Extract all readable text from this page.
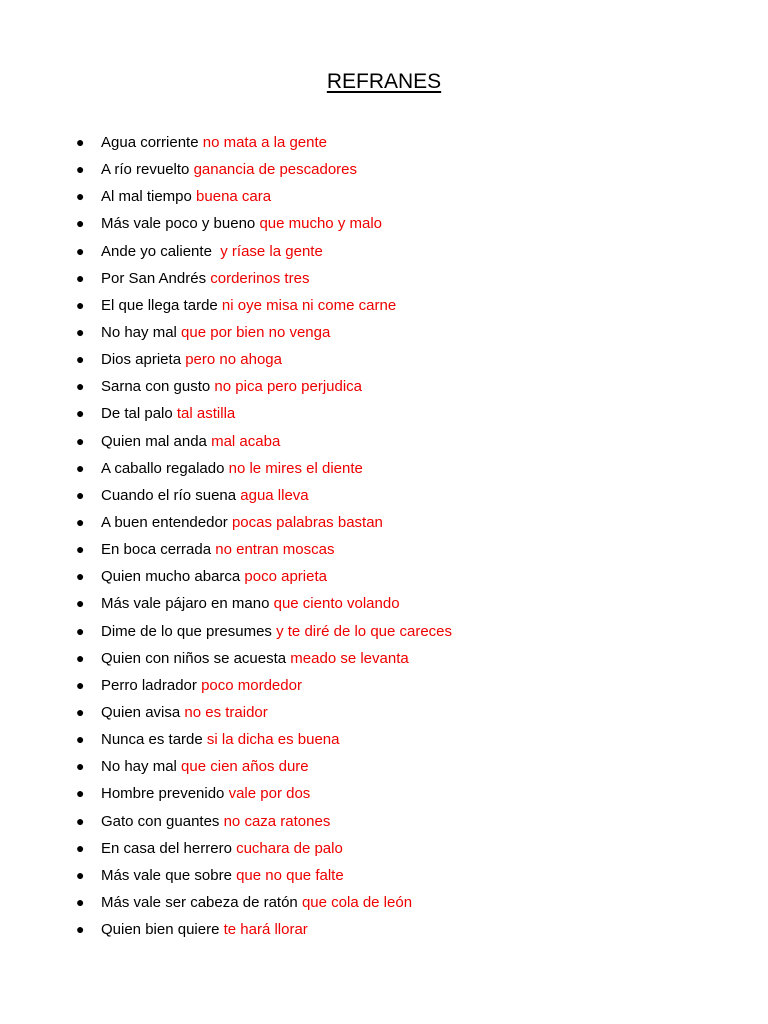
REFRANES
● Agua corriente no mata a la gente
● A río revuelto ganancia de pescadores
● Al mal tiempo buena cara
● Más vale poco y bueno que mucho y malo
● Ande yo caliente  y ríase la gente
● Por San Andrés corderinos tres
● El que llega tarde ni oye misa ni come carne
● No hay mal que por bien no venga
● Dios aprieta pero no ahoga
● Sarna con gusto no pica pero perjudica
● De tal palo tal astilla
● Quien mal anda mal acaba
● A caballo regalado no le mires el diente
● Cuando el río suena agua lleva
● A buen entendedor pocas palabras bastan
● En boca cerrada no entran moscas
● Quien mucho abarca poco aprieta
● Más vale pájaro en mano que ciento volando
● Dime de lo que presumes y te diré de lo que careces
● Quien con niños se acuesta meado se levanta
● Perro ladrador poco mordedor
● Quien avisa no es traidor
● Nunca es tarde si la dicha es buena
● No hay mal que cien años dure
● Hombre prevenido vale por dos
● Gato con guantes no caza ratones
● En casa del herrero cuchara de palo
● Más vale que sobre que no que falte
● Más vale ser cabeza de ratón que cola de león
● Quien bien quiere te hará llorar
